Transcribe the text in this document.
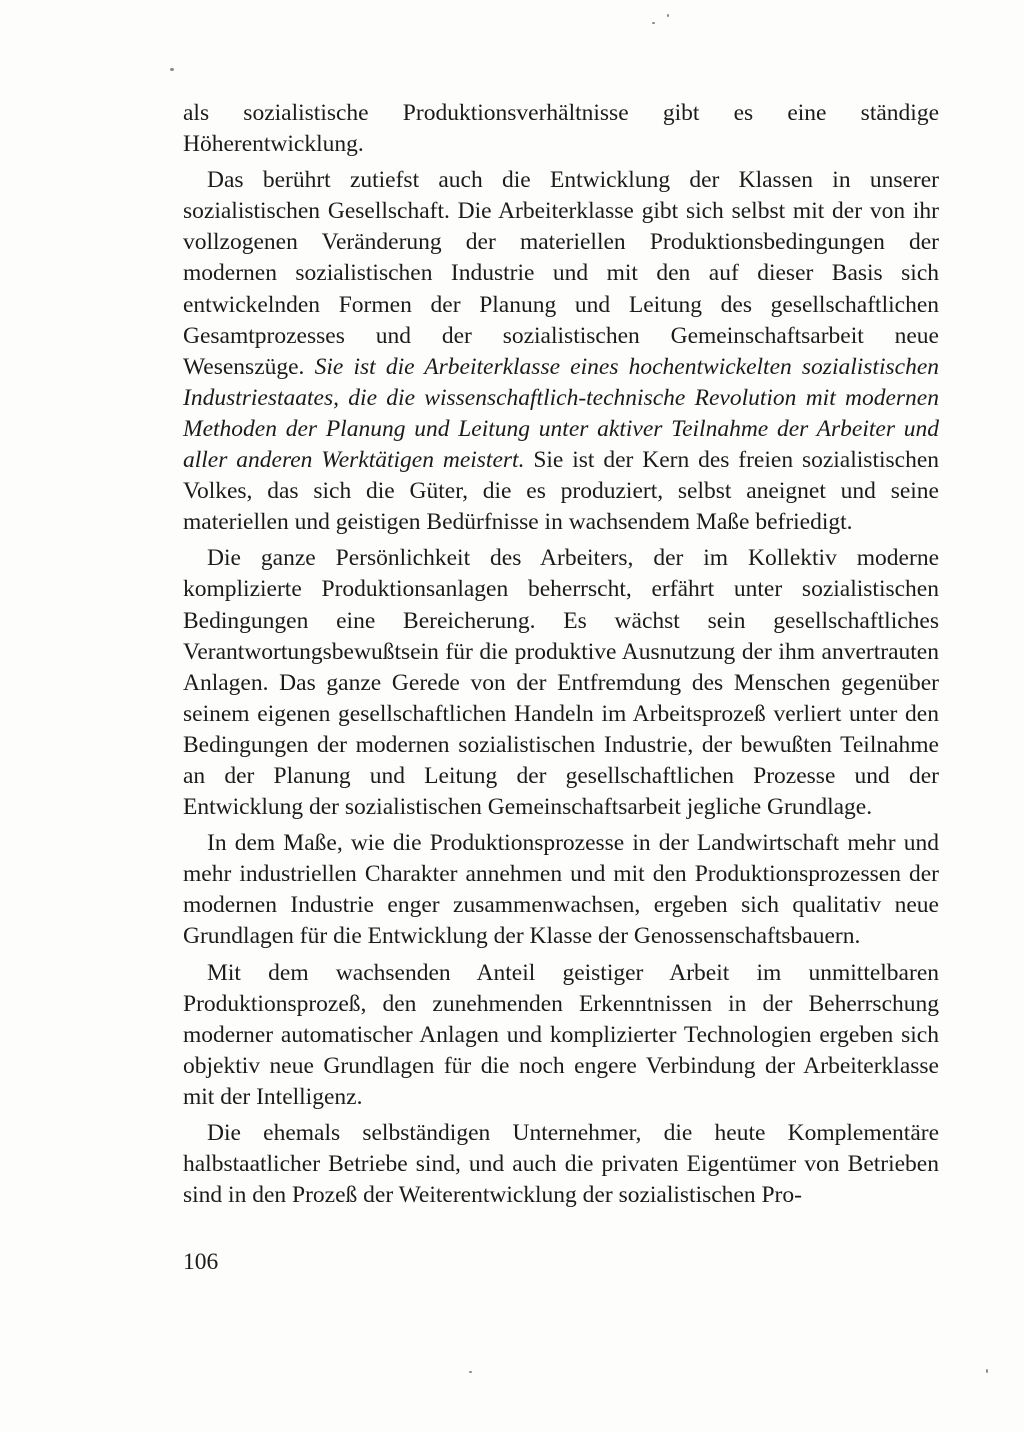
als sozialistische Produktionsverhältnisse gibt es eine ständige Höherentwicklung.

Das berührt zutiefst auch die Entwicklung der Klassen in unserer sozialistischen Gesellschaft. Die Arbeiterklasse gibt sich selbst mit der von ihr vollzogenen Veränderung der materiellen Produktionsbedingungen der modernen sozialistischen Industrie und mit den auf dieser Basis sich entwickelnden Formen der Planung und Leitung des gesellschaftlichen Gesamtprozesses und der sozialistischen Gemeinschaftsarbeit neue Wesenszüge. Sie ist die Arbeiterklasse eines hochentwickelten sozialistischen Industriestaates, die die wissenschaftlich-technische Revolution mit modernen Methoden der Planung und Leitung unter aktiver Teilnahme der Arbeiter und aller anderen Werktätigen meistert. Sie ist der Kern des freien sozialistischen Volkes, das sich die Güter, die es produziert, selbst aneignet und seine materiellen und geistigen Bedürfnisse in wachsendem Maße befriedigt.

Die ganze Persönlichkeit des Arbeiters, der im Kollektiv moderne komplizierte Produktionsanlagen beherrscht, erfährt unter sozialistischen Bedingungen eine Bereicherung. Es wächst sein gesellschaftliches Verantwortungsbewußtsein für die produktive Ausnutzung der ihm anvertrauten Anlagen. Das ganze Gerede von der Entfremdung des Menschen gegenüber seinem eigenen gesellschaftlichen Handeln im Arbeitsprozeß verliert unter den Bedingungen der modernen sozialistischen Industrie, der bewußten Teilnahme an der Planung und Leitung der gesellschaftlichen Prozesse und der Entwicklung der sozialistischen Gemeinschaftsarbeit jegliche Grundlage.

In dem Maße, wie die Produktionsprozesse in der Landwirtschaft mehr und mehr industriellen Charakter annehmen und mit den Produktionsprozessen der modernen Industrie enger zusammenwachsen, ergeben sich qualitativ neue Grundlagen für die Entwicklung der Klasse der Genossenschaftsbauern.

Mit dem wachsenden Anteil geistiger Arbeit im unmittelbaren Produktionsprozeß, den zunehmenden Erkenntnissen in der Beherrschung moderner automatischer Anlagen und komplizierter Technologien ergeben sich objektiv neue Grundlagen für die noch engere Verbindung der Arbeiterklasse mit der Intelligenz.

Die ehemals selbständigen Unternehmer, die heute Komplementäre halbstaatlicher Betriebe sind, und auch die privaten Eigentümer von Betrieben sind in den Prozeß der Weiterentwicklung der sozialistischen Pro-

106
